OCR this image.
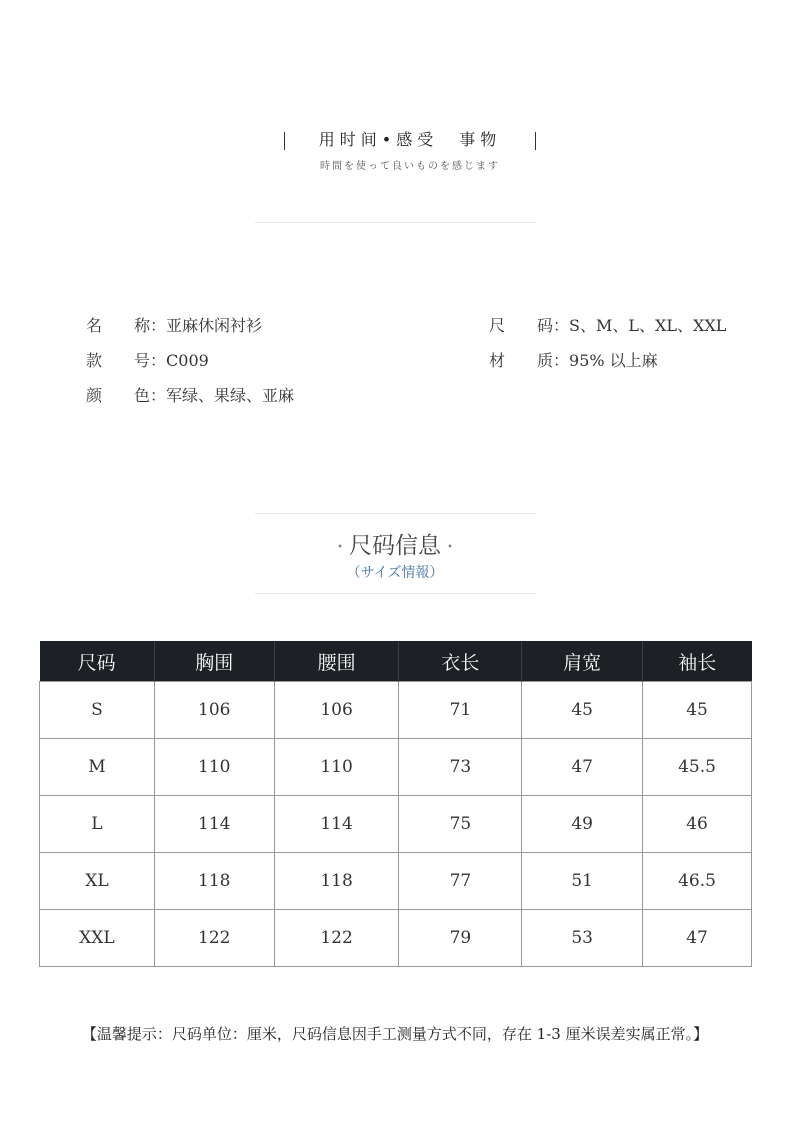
用时间•感受好事物
時間を使って良いものを感じます
名　　称：亚麻休闲衬衫
款　　号：C009
颜　　色：军绿、果绿、亚麻
尺　　码：S、M、L、XL、XXL
材　　质：95% 以上麻
• 尺码信息 •
（サイズ情報）
尺码	胸围	腰围	衣长	肩宽	袖长
S	106	106	71	45	45
M	110	110	73	47	45.5
L	114	114	75	49	46
XL	118	118	77	51	46.5
XXL	122	122	79	53	47
【温馨提示：尺码单位：厘米，尺码信息因手工测量方式不同，存在 1-3 厘米误差实属正常。】
